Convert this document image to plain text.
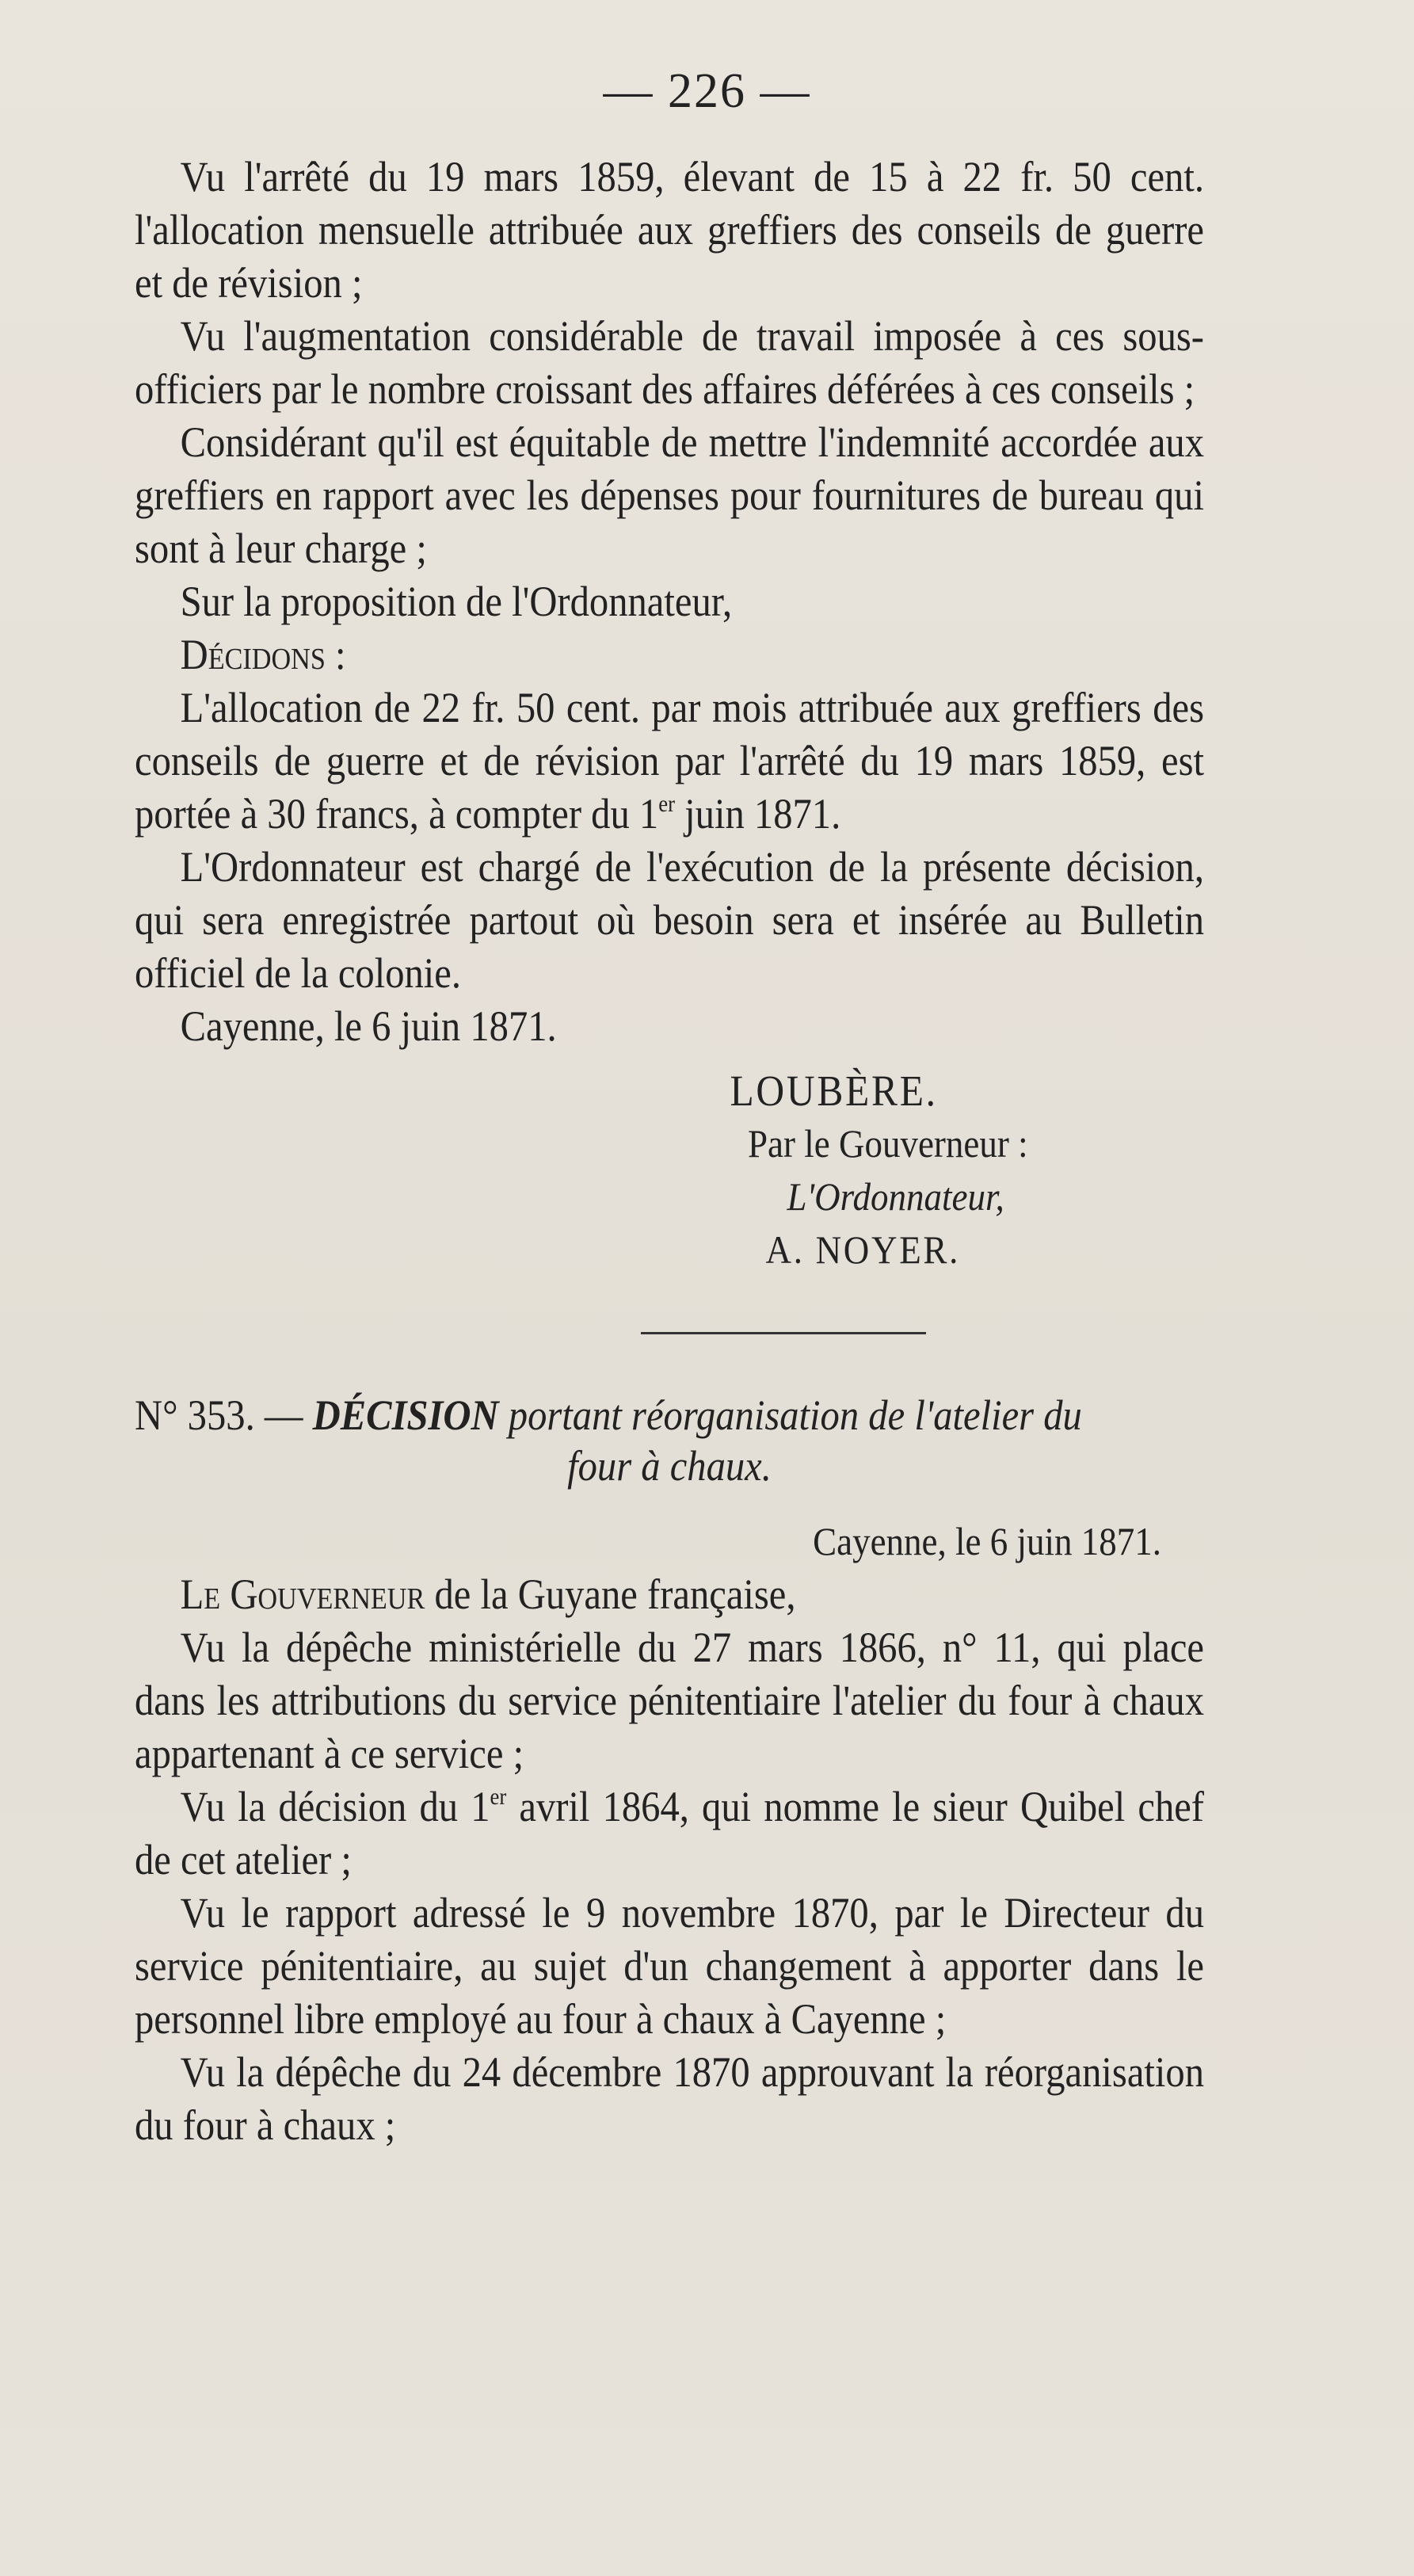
— 226 —

Vu l'arrêté du 19 mars 1859, élevant de 15 à 22 fr. 50 cent. l'allocation mensuelle attribuée aux greffiers des conseils de guerre et de révision ;

Vu l'augmentation considérable de travail imposée à ces sous-officiers par le nombre croissant des affaires déférées à ces conseils ;

Considérant qu'il est équitable de mettre l'indemnité accordée aux greffiers en rapport avec les dépenses pour fournitures de bureau qui sont à leur charge ;

Sur la proposition de l'Ordonnateur,

Décidons :

L'allocation de 22 fr. 50 cent. par mois attribuée aux greffiers des conseils de guerre et de révision par l'arrêté du 19 mars 1859, est portée à 30 francs, à compter du 1er juin 1871.

L'Ordonnateur est chargé de l'exécution de la présente décision, qui sera enregistrée partout où besoin sera et insérée au Bulletin officiel de la colonie.

Cayenne, le 6 juin 1871.

LOUBÈRE.
Par le Gouverneur :
L'Ordonnateur,
A. NOYER.
N° 353. — DÉCISION portant réorganisation de l'atelier du
four à chaux.
Cayenne, le 6 juin 1871.

Le Gouverneur de la Guyane française,

Vu la dépêche ministérielle du 27 mars 1866, n° 11, qui place dans les attributions du service pénitentiaire l'atelier du four à chaux appartenant à ce service ;

Vu la décision du 1er avril 1864, qui nomme le sieur Quibel chef de cet atelier ;

Vu le rapport adressé le 9 novembre 1870, par le Directeur du service pénitentiaire, au sujet d'un changement à apporter dans le personnel libre employé au four à chaux à Cayenne ;

Vu la dépêche du 24 décembre 1870 approuvant la réorganisation du four à chaux ;
